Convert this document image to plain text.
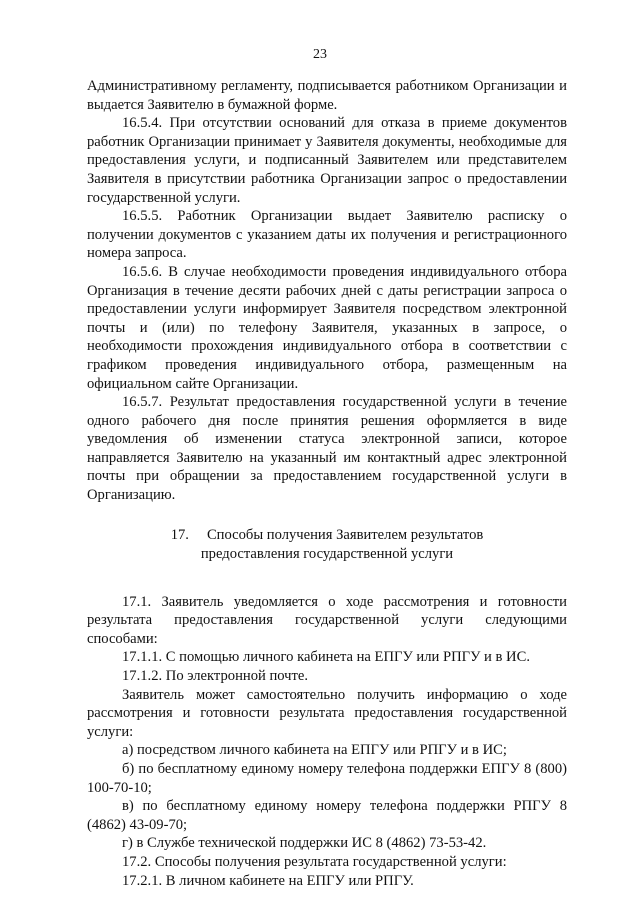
23

Административному регламенту, подписывается работником Организации и выдается Заявителю в бумажной форме.

16.5.4. При отсутствии оснований для отказа в приеме документов работник Организации принимает у Заявителя документы, необходимые для предоставления услуги, и подписанный Заявителем или представителем Заявителя в присутствии работника Организации запрос о предоставлении государственной услуги.

16.5.5. Работник Организации выдает Заявителю расписку о получении документов с указанием даты их получения и регистрационного номера запроса.

16.5.6. В случае необходимости проведения индивидуального отбора Организация в течение десяти рабочих дней с даты регистрации запроса о предоставлении услуги информирует Заявителя посредством электронной почты и (или) по телефону Заявителя, указанных в запросе, о необходимости прохождения индивидуального отбора в соответствии с графиком проведения индивидуального отбора, размещенным на официальном сайте Организации.

16.5.7. Результат предоставления государственной услуги в течение одного рабочего дня после принятия решения оформляется в виде уведомления об изменении статуса электронной записи, которое направляется Заявителю на указанный им контактный адрес электронной почты при обращении за предоставлением государственной услуги в Организацию.

17. Способы получения Заявителем результатов
предоставления государственной услуги

17.1. Заявитель уведомляется о ходе рассмотрения и готовности результата предоставления государственной услуги следующими способами:

17.1.1. С помощью личного кабинета на ЕПГУ или РПГУ и в ИС.

17.1.2. По электронной почте.

Заявитель может самостоятельно получить информацию о ходе рассмотрения и готовности результата предоставления государственной услуги:

а) посредством личного кабинета на ЕПГУ или РПГУ и в ИС;

б) по бесплатному единому номеру телефона поддержки ЕПГУ 8 (800) 100-70-10;

в) по бесплатному единому номеру телефона поддержки РПГУ 8 (4862) 43-09-70;

г) в Службе технической поддержки ИС 8 (4862) 73-53-42.

17.2. Способы получения результата государственной услуги:

17.2.1. В личном кабинете на ЕПГУ или РПГУ.
